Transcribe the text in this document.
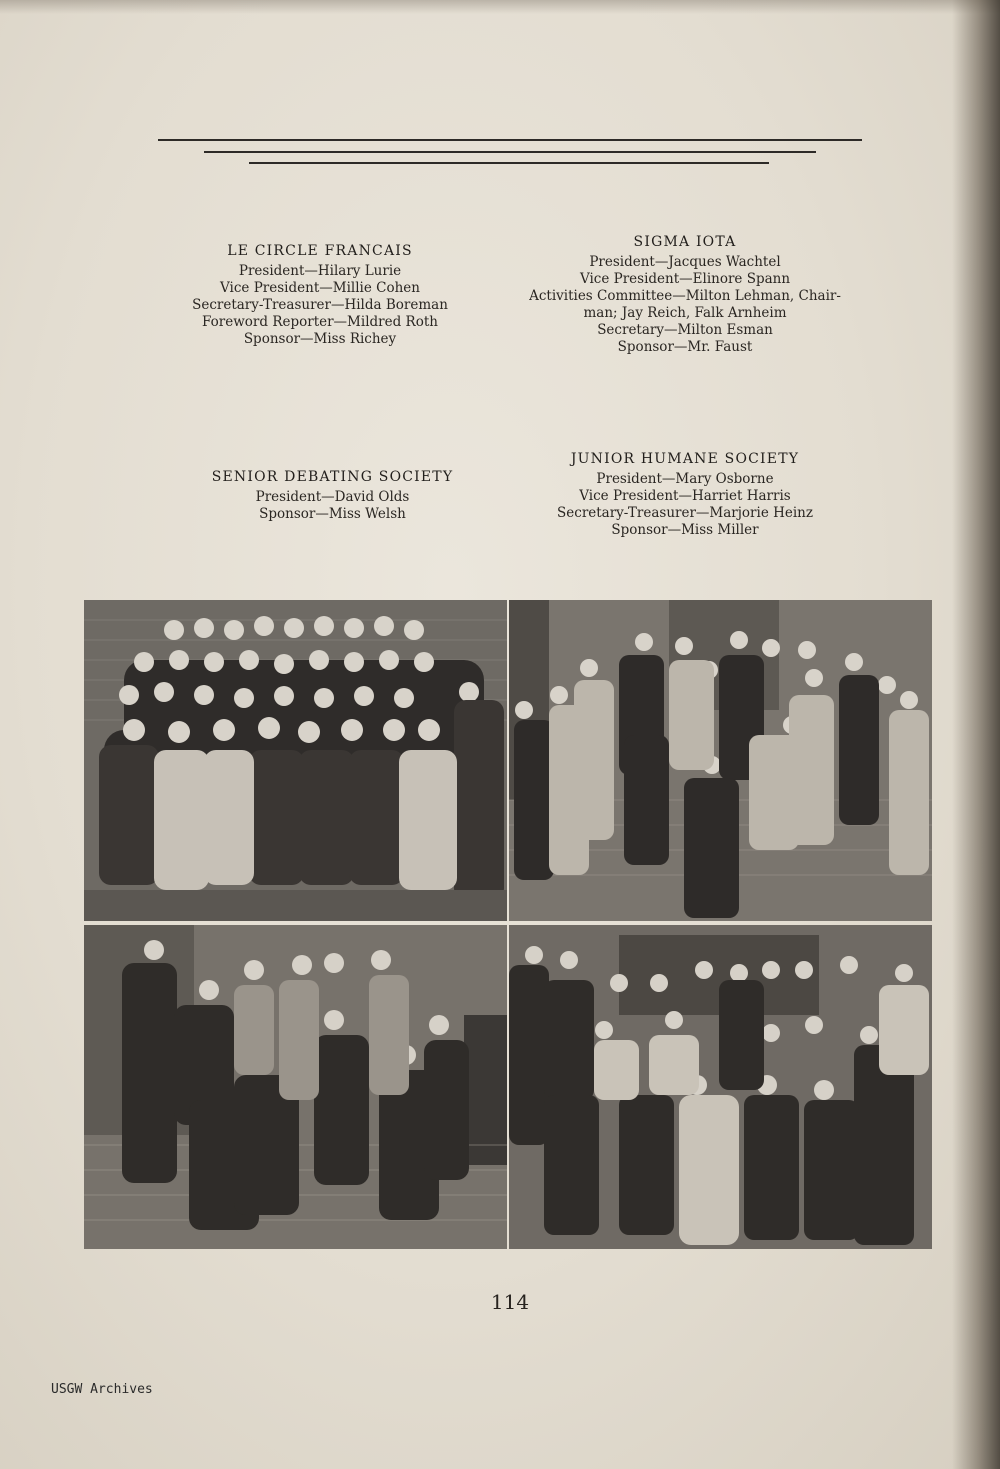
LE CIRCLE FRANCAIS
President—Hilary Lurie
Vice President—Millie Cohen
Secretary-Treasurer—Hilda Boreman
Foreword Reporter—Mildred Roth
Sponsor—Miss Richey
SIGMA IOTA
President—Jacques Wachtel
Vice President—Elinore Spann
Activities Committee—Milton Lehman, Chair-
man; Jay Reich, Falk Arnheim
Secretary—Milton Esman
Sponsor—Mr. Faust
SENIOR DEBATING SOCIETY
President—David Olds
Sponsor—Miss Welsh
JUNIOR HUMANE SOCIETY
President—Mary Osborne
Vice President—Harriet Harris
Secretary-Treasurer—Marjorie Heinz
Sponsor—Miss Miller
114
USGW Archives
